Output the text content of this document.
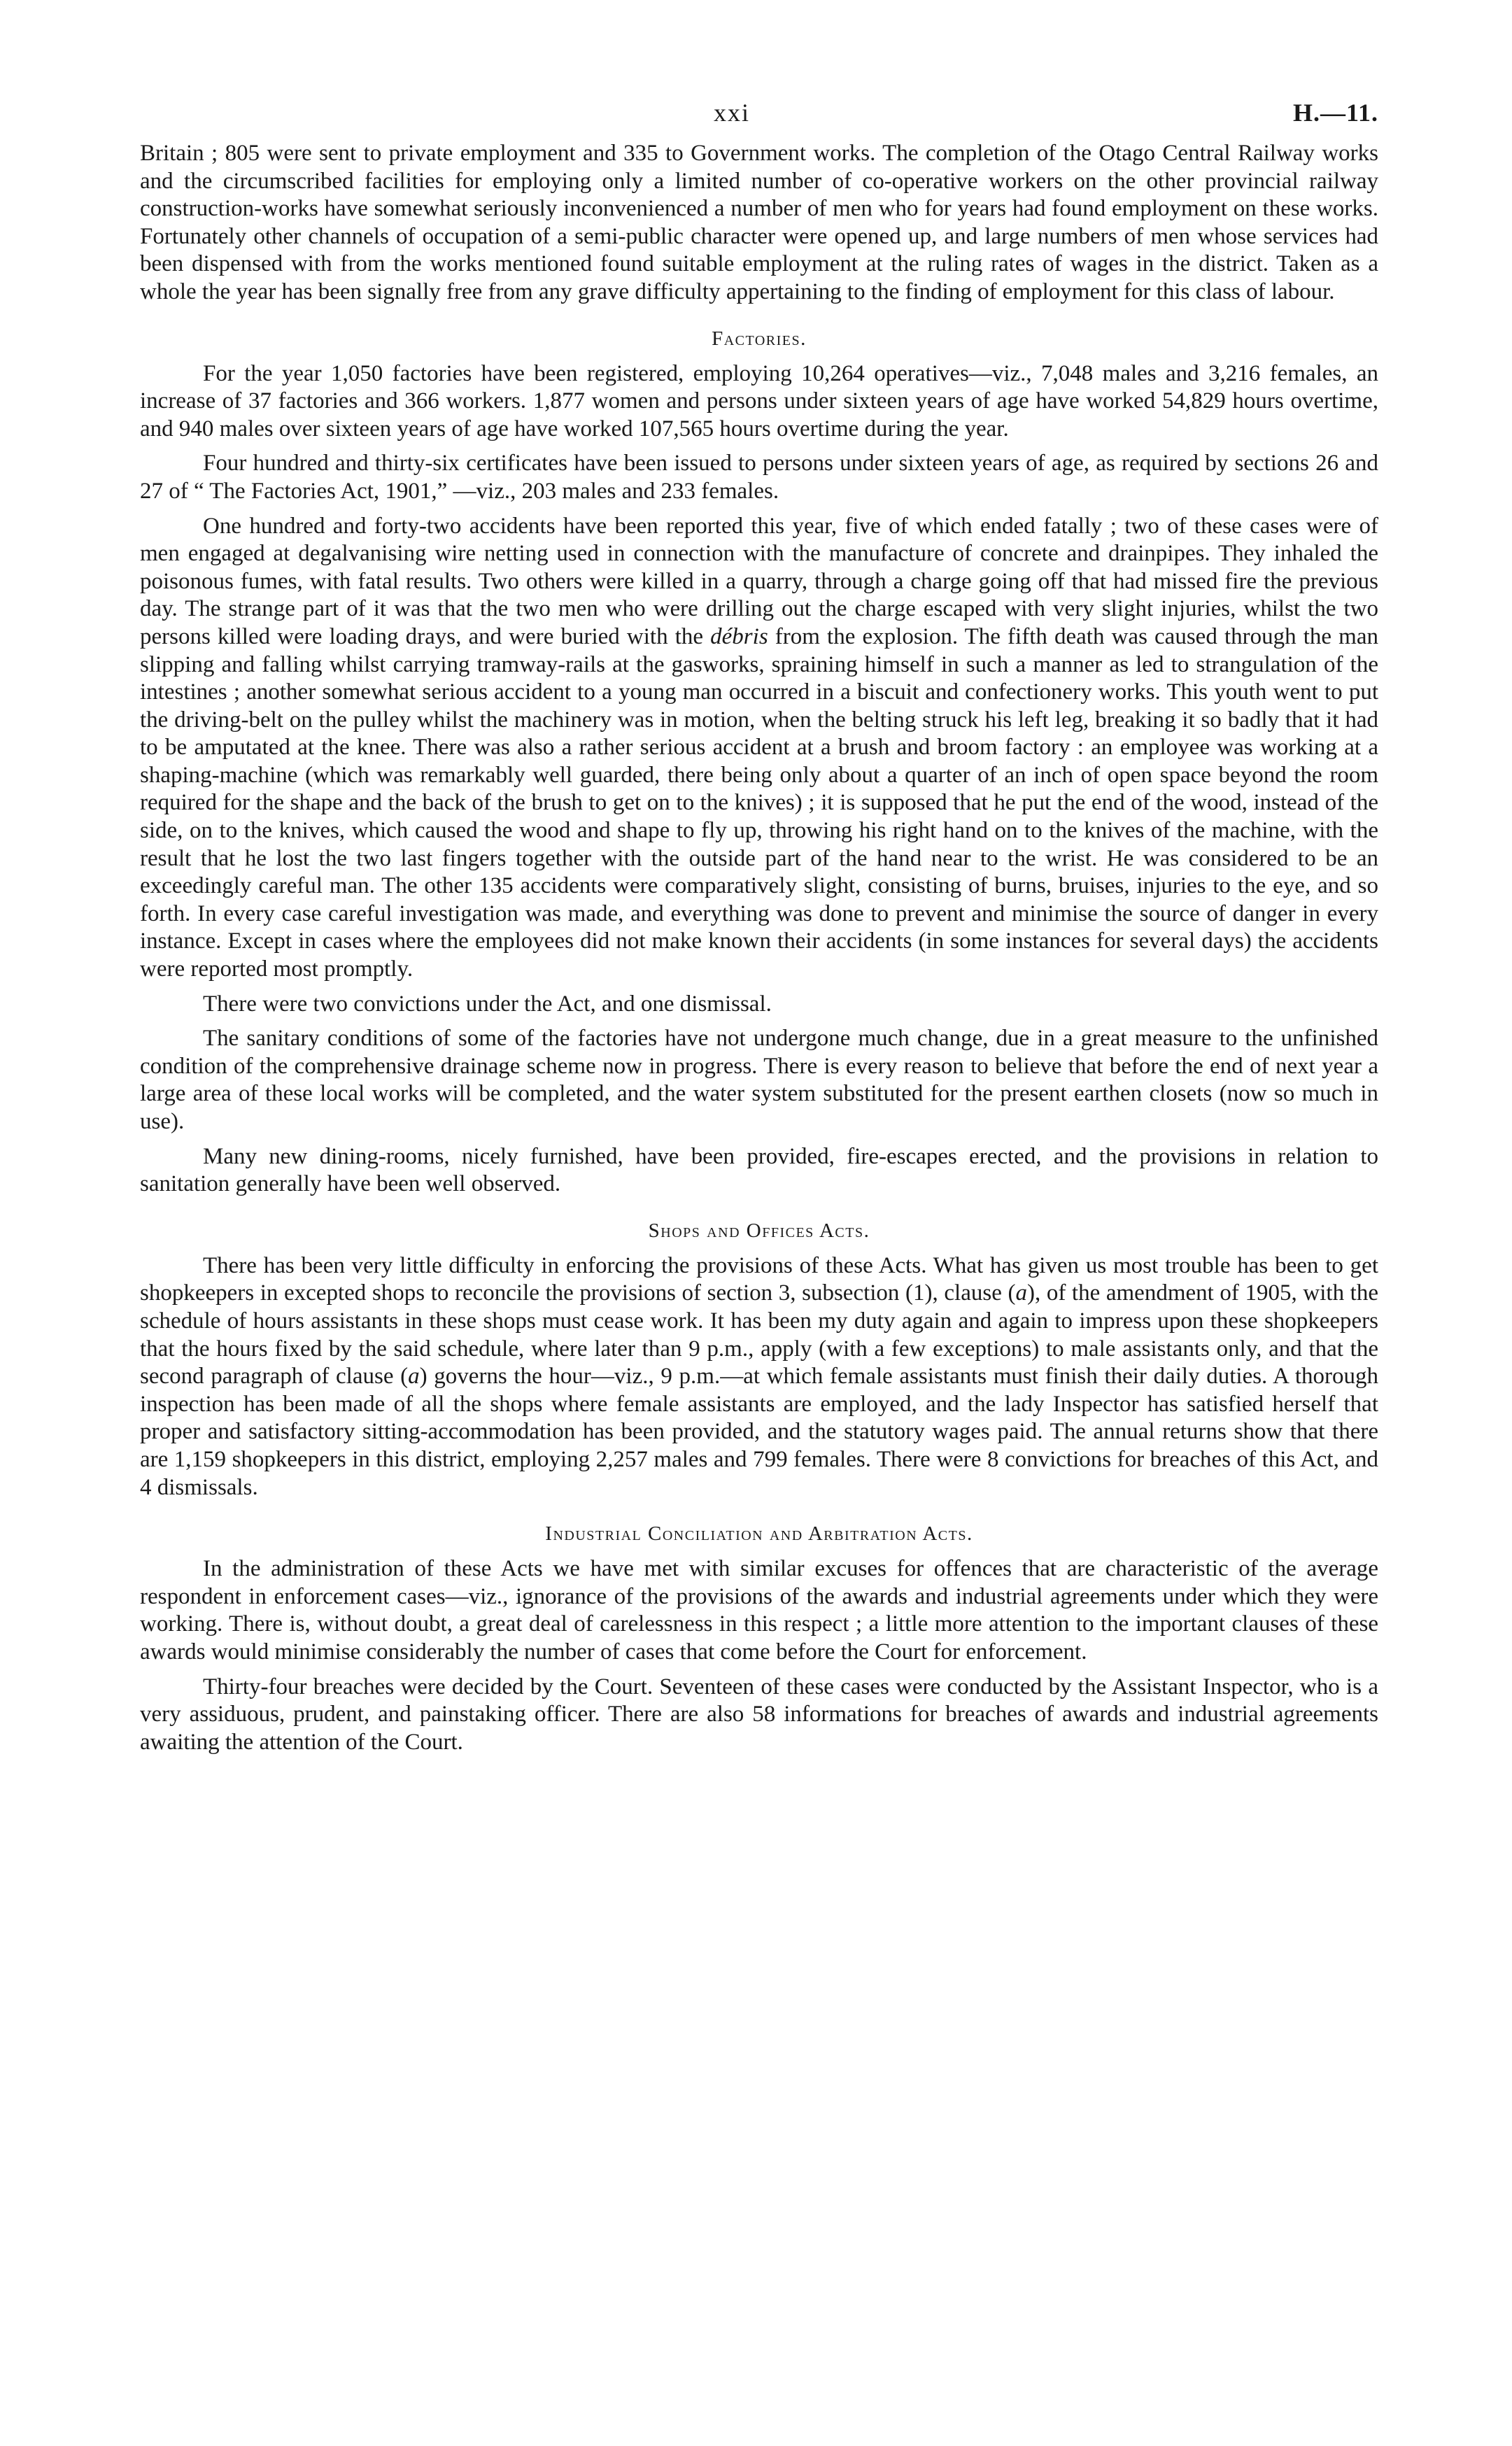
xxi	H.—11.

Britain ; 805 were sent to private employment and 335 to Government works. The completion of the Otago Central Railway works and the circumscribed facilities for employing only a limited number of co-operative workers on the other provincial railway construction-works have somewhat seriously inconvenienced a number of men who for years had found employment on these works. Fortunately other channels of occupation of a semi-public character were opened up, and large numbers of men whose services had been dispensed with from the works mentioned found suitable employment at the ruling rates of wages in the district. Taken as a whole the year has been signally free from any grave difficulty appertaining to the finding of employment for this class of labour.

Factories.

For the year 1,050 factories have been registered, employing 10,264 operatives—viz., 7,048 males and 3,216 females, an increase of 37 factories and 366 workers. 1,877 women and persons under sixteen years of age have worked 54,829 hours overtime, and 940 males over sixteen years of age have worked 107,565 hours overtime during the year.

Four hundred and thirty-six certificates have been issued to persons under sixteen years of age, as required by sections 26 and 27 of “ The Factories Act, 1901,” —viz., 203 males and 233 females.

One hundred and forty-two accidents have been reported this year, five of which ended fatally ; two of these cases were of men engaged at degalvanising wire netting used in connection with the manufacture of concrete and drainpipes. They inhaled the poisonous fumes, with fatal results. Two others were killed in a quarry, through a charge going off that had missed fire the previous day. The strange part of it was that the two men who were drilling out the charge escaped with very slight injuries, whilst the two persons killed were loading drays, and were buried with the débris from the explosion. The fifth death was caused through the man slipping and falling whilst carrying tramway-rails at the gasworks, spraining himself in such a manner as led to strangulation of the intestines ; another somewhat serious accident to a young man occurred in a biscuit and confectionery works. This youth went to put the driving-belt on the pulley whilst the machinery was in motion, when the belting struck his left leg, breaking it so badly that it had to be amputated at the knee. There was also a rather serious accident at a brush and broom factory : an employee was working at a shaping-machine (which was remarkably well guarded, there being only about a quarter of an inch of open space beyond the room required for the shape and the back of the brush to get on to the knives) ; it is supposed that he put the end of the wood, instead of the side, on to the knives, which caused the wood and shape to fly up, throwing his right hand on to the knives of the machine, with the result that he lost the two last fingers together with the outside part of the hand near to the wrist. He was considered to be an exceedingly careful man. The other 135 accidents were comparatively slight, consisting of burns, bruises, injuries to the eye, and so forth. In every case careful investigation was made, and everything was done to prevent and minimise the source of danger in every instance. Except in cases where the employees did not make known their accidents (in some instances for several days) the accidents were reported most promptly.

There were two convictions under the Act, and one dismissal.

The sanitary conditions of some of the factories have not undergone much change, due in a great measure to the unfinished condition of the comprehensive drainage scheme now in progress. There is every reason to believe that before the end of next year a large area of these local works will be completed, and the water system substituted for the present earthen closets (now so much in use).

Many new dining-rooms, nicely furnished, have been provided, fire-escapes erected, and the provisions in relation to sanitation generally have been well observed.

Shops and Offices Acts.

There has been very little difficulty in enforcing the provisions of these Acts. What has given us most trouble has been to get shopkeepers in excepted shops to reconcile the provisions of section 3, subsection (1), clause (a), of the amendment of 1905, with the schedule of hours assistants in these shops must cease work. It has been my duty again and again to impress upon these shopkeepers that the hours fixed by the said schedule, where later than 9 p.m., apply (with a few exceptions) to male assistants only, and that the second paragraph of clause (a) governs the hour—viz., 9 p.m.—at which female assistants must finish their daily duties. A thorough inspection has been made of all the shops where female assistants are employed, and the lady Inspector has satisfied herself that proper and satisfactory sitting-accommodation has been provided, and the statutory wages paid. The annual returns show that there are 1,159 shopkeepers in this district, employing 2,257 males and 799 females. There were 8 convictions for breaches of this Act, and 4 dismissals.

Industrial Conciliation and Arbitration Acts.

In the administration of these Acts we have met with similar excuses for offences that are characteristic of the average respondent in enforcement cases—viz., ignorance of the provisions of the awards and industrial agreements under which they were working. There is, without doubt, a great deal of carelessness in this respect ; a little more attention to the important clauses of these awards would minimise considerably the number of cases that come before the Court for enforcement.

Thirty-four breaches were decided by the Court. Seventeen of these cases were conducted by the Assistant Inspector, who is a very assiduous, prudent, and painstaking officer. There are also 58 informations for breaches of awards and industrial agreements awaiting the attention of the Court.
